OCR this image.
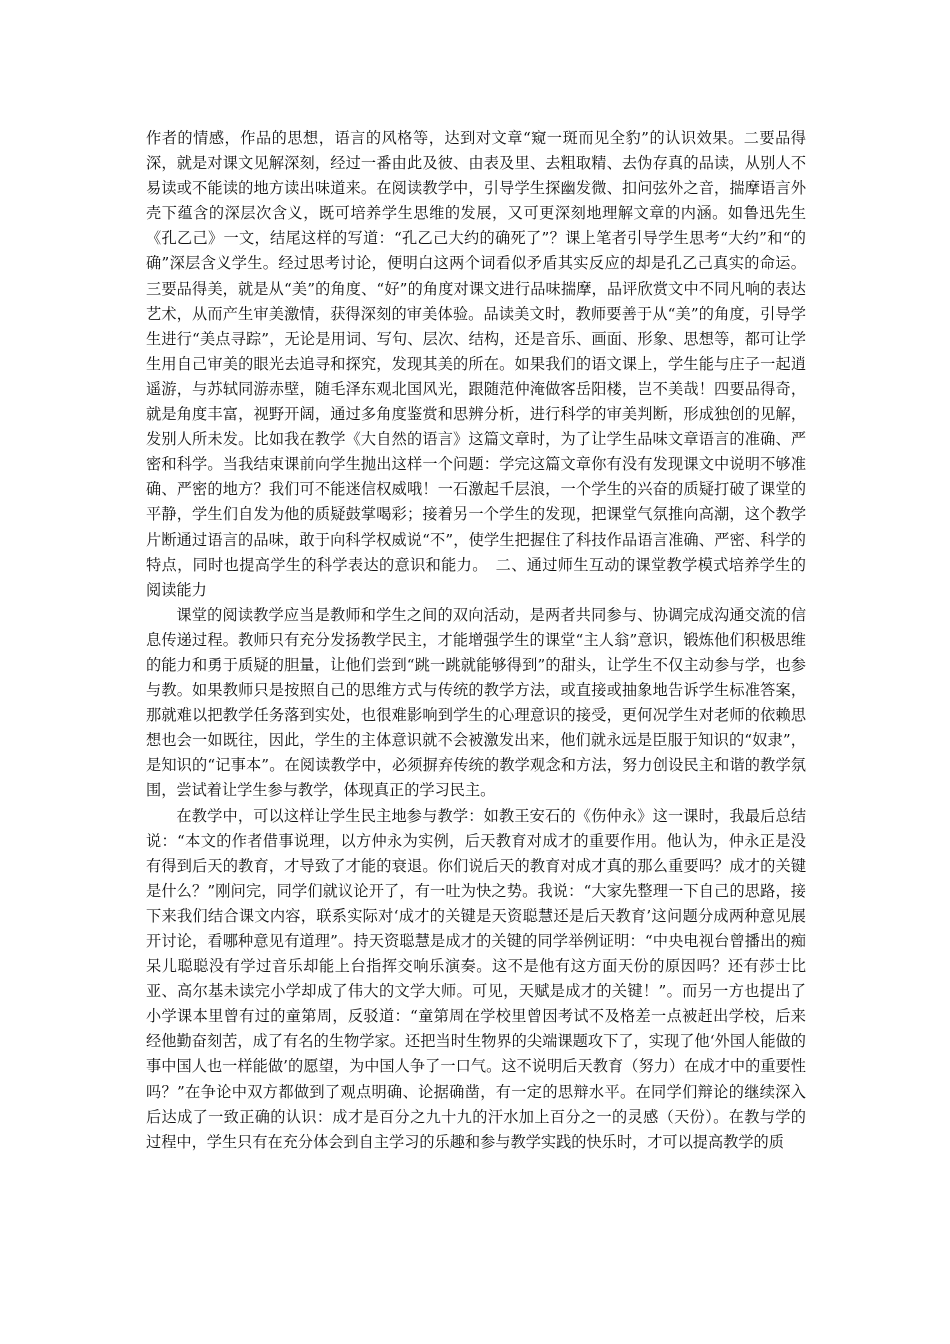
作者的情感，作品的思想，语言的风格等，达到对文章“窥一斑而见全豹”的认识效果。二要品得深，就是对课文见解深刻，经过一番由此及彼、由表及里、去粗取精、去伪存真的品读，从别人不易读或不能读的地方读出味道来。在阅读教学中，引导学生探幽发微、扣问弦外之音，揣摩语言外壳下蕴含的深层次含义，既可培养学生思维的发展，又可更深刻地理解文章的内涵。如鲁迅先生《孔乙己》一文，结尾这样的写道：“孔乙己大约的确死了”？课上笔者引导学生思考“大约”和“的确”深层含义学生。经过思考讨论，便明白这两个词看似矛盾其实反应的却是孔乙己真实的命运。三要品得美，就是从“美”的角度、“好”的角度对课文进行品味揣摩，品评欣赏文中不同凡响的表达艺术，从而产生审美激情，获得深刻的审美体验。品读美文时，教师要善于从“美”的角度，引导学生进行“美点寻踪”，无论是用词、写句、层次、结构，还是音乐、画面、形象、思想等，都可让学生用自己审美的眼光去追寻和探究，发现其美的所在。如果我们的语文课上，学生能与庄子一起逍遥游，与苏轼同游赤壁，随毛泽东观北国风光，跟随范仲淹做客岳阳楼，岂不美哉！四要品得奇，就是角度丰富，视野开阔，通过多角度鉴赏和思辨分析，进行科学的审美判断，形成独创的见解，发别人所未发。比如我在教学《大自然的语言》这篇文章时，为了让学生品味文章语言的准确、严密和科学。当我结束课前向学生抛出这样一个问题：学完这篇文章你有没有发现课文中说明不够准确、严密的地方？我们可不能迷信权威哦！一石激起千层浪，一个学生的兴奋的质疑打破了课堂的平静，学生们自发为他的质疑鼓掌喝彩；接着另一个学生的发现，把课堂气氛推向高潮，这个教学片断通过语言的品味，敢于向科学权威说“不”，使学生把握住了科技作品语言准确、严密、科学的特点，同时也提高学生的科学表达的意识和能力。　二、通过师生互动的课堂教学模式培养学生的阅读能力

课堂的阅读教学应当是教师和学生之间的双向活动，是两者共同参与、协调完成沟通交流的信息传递过程。教师只有充分发扬教学民主，才能增强学生的课堂“主人翁”意识，锻炼他们积极思维的能力和勇于质疑的胆量，让他们尝到“跳一跳就能够得到”的甜头，让学生不仅主动参与学，也参与教。如果教师只是按照自己的思维方式与传统的教学方法，或直接或抽象地告诉学生标准答案，那就难以把教学任务落到实处，也很难影响到学生的心理意识的接受，更何况学生对老师的依赖思想也会一如既往，因此，学生的主体意识就不会被激发出来，他们就永远是臣服于知识的“奴隶”，是知识的“记事本”。在阅读教学中，必须摒弃传统的教学观念和方法，努力创设民主和谐的教学氛围，尝试着让学生参与教学，体现真正的学习民主。

在教学中，可以这样让学生民主地参与教学：如教王安石的《伤仲永》这一课时，我最后总结说：“本文的作者借事说理，以方仲永为实例，后天教育对成才的重要作用。他认为，仲永正是没有得到后天的教育，才导致了才能的衰退。你们说后天的教育对成才真的那么重要吗？成才的关键是什么？”刚问完，同学们就议论开了，有一吐为快之势。我说：“大家先整理一下自己的思路，接下来我们结合课文内容，联系实际对‘成才的关键是天资聪慧还是后天教育’这问题分成两种意见展开讨论，看哪种意见有道理”。持天资聪慧是成才的关键的同学举例证明：“中央电视台曾播出的痴呆儿聪聪没有学过音乐却能上台指挥交响乐演奏。这不是他有这方面天份的原因吗？还有莎士比亚、高尔基未读完小学却成了伟大的文学大师。可见，天赋是成才的关键！”。而另一方也提出了小学课本里曾有过的童第周，反驳道：“童第周在学校里曾因考试不及格差一点被赶出学校，后来经他勤奋刻苦，成了有名的生物学家。还把当时生物界的尖端课题攻下了，实现了他‘外国人能做的事中国人也一样能做’的愿望，为中国人争了一口气。这不说明后天教育（努力）在成才中的重要性吗？”在争论中双方都做到了观点明确、论据确凿，有一定的思辩水平。在同学们辩论的继续深入后达成了一致正确的认识：成才是百分之九十九的汗水加上百分之一的灵感（天份）。在教与学的过程中，学生只有在充分体会到自主学习的乐趣和参与教学实践的快乐时，才可以提高教学的质
